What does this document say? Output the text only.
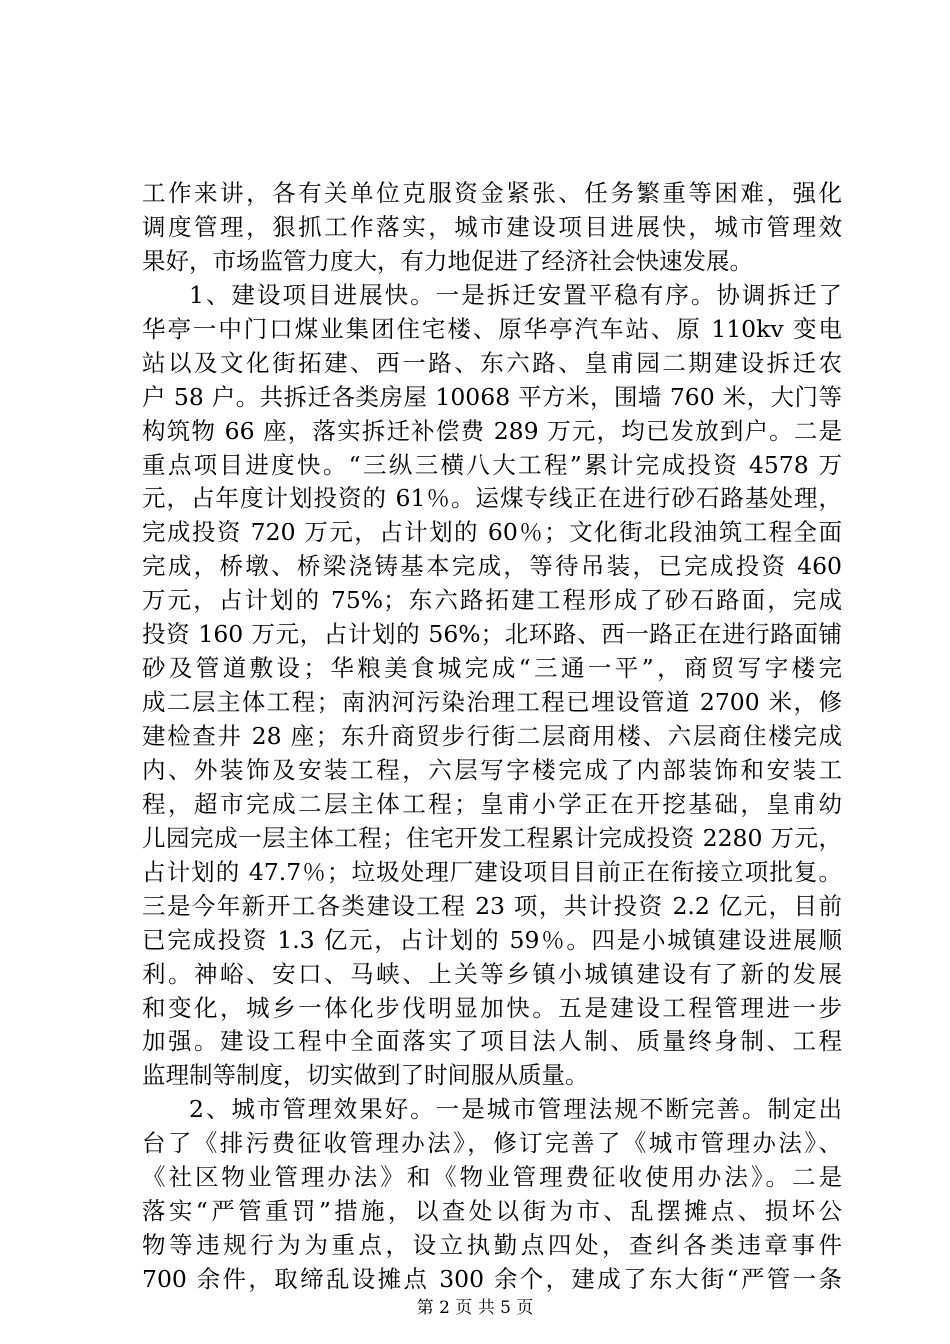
工作来讲，各有关单位克服资金紧张、任务繁重等困难，强化
调度管理，狠抓工作落实，城市建设项目进展快，城市管理效
果好，市场监管力度大，有力地促进了经济社会快速发展。
1、建设项目进展快。一是拆迁安置平稳有序。协调拆迁了
华亭一中门口煤业集团住宅楼、原华亭汽车站、原 110kv 变电
站以及文化街拓建、西一路、东六路、皇甫园二期建设拆迁农
户 58 户。共拆迁各类房屋 10068 平方米，围墙 760 米，大门等
构筑物 66 座，落实拆迁补偿费 289 万元，均已发放到户。二是
重点项目进度快。“三纵三横八大工程”累计完成投资 4578 万
元，占年度计划投资的 61％。运煤专线正在进行砂石路基处理，
完成投资 720 万元，占计划的 60％；文化街北段油筑工程全面
完成，桥墩、桥梁浇铸基本完成，等待吊装，已完成投资 460
万元，占计划的 75%；东六路拓建工程形成了砂石路面，完成
投资 160 万元，占计划的 56%；北环路、西一路正在进行路面铺
砂及管道敷设；华粮美食城完成“三通一平”，商贸写字楼完
成二层主体工程；南汭河污染治理工程已埋设管道 2700 米，修
建检查井 28 座；东升商贸步行街二层商用楼、六层商住楼完成
内、外装饰及安装工程，六层写字楼完成了内部装饰和安装工
程，超市完成二层主体工程；皇甫小学正在开挖基础，皇甫幼
儿园完成一层主体工程；住宅开发工程累计完成投资 2280 万元，
占计划的 47.7％；垃圾处理厂建设项目目前正在衔接立项批复。
三是今年新开工各类建设工程 23 项，共计投资 2.2 亿元，目前
已完成投资 1.3 亿元，占计划的 59％。四是小城镇建设进展顺
利。神峪、安口、马峡、上关等乡镇小城镇建设有了新的发展
和变化，城乡一体化步伐明显加快。五是建设工程管理进一步
加强。建设工程中全面落实了项目法人制、质量终身制、工程
监理制等制度，切实做到了时间服从质量。
2、城市管理效果好。一是城市管理法规不断完善。制定出
台了《排污费征收管理办法》，修订完善了《城市管理办法》、
《社区物业管理办法》和《物业管理费征收使用办法》。二是
落实“严管重罚”措施，以查处以街为市、乱摆摊点、损坏公
物等违规行为为重点，设立执勤点四处，查纠各类违章事件
700 余件，取缔乱设摊点 300 余个，建成了东大街“严管一条
第 2 页 共 5 页
